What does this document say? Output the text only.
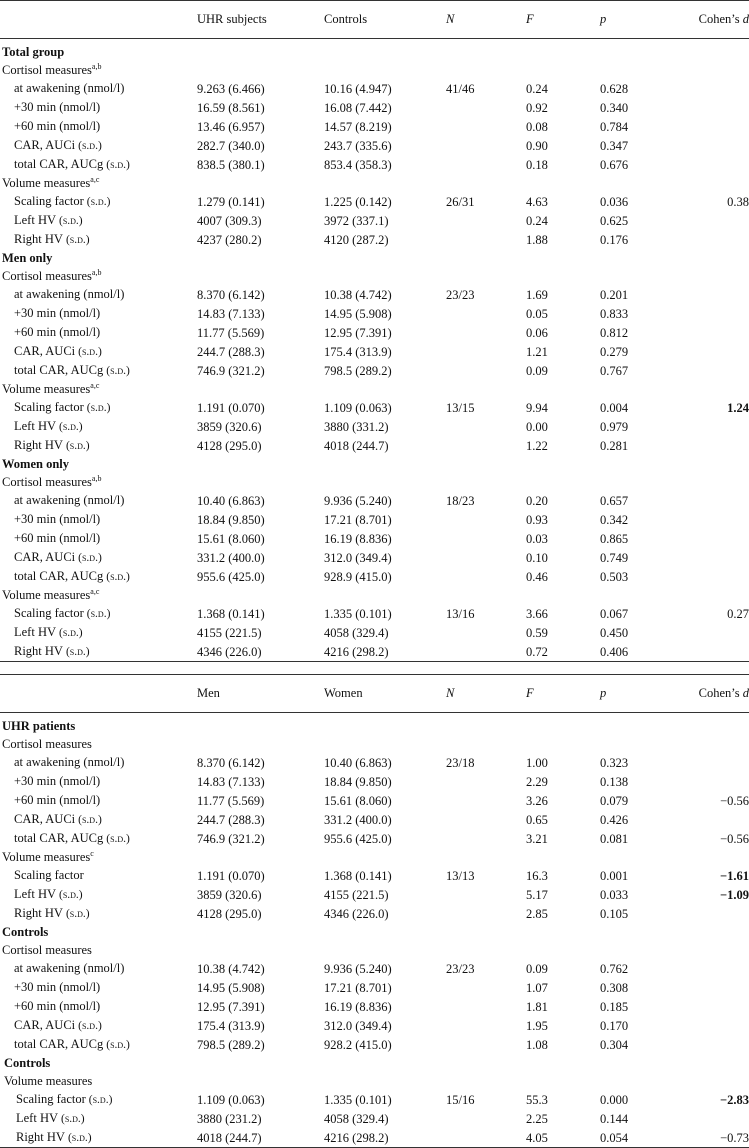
	UHR subjects	Controls	N	F	p	Cohen’s d

Total group						
Cortisol measures$^{a,b}$
at awakening (nmol/l)	9.263 (6.466)	10.16 (4.947)	41/46	0.24	0.628	
+30 min (nmol/l)	16.59 (8.561)	16.08 (7.442)		0.92	0.340	
+60 min (nmol/l)	13.46 (6.957)	14.57 (8.219)		0.08	0.784	
CAR, AUCi (s.d.)	282.7 (340.0)	243.7 (335.6)		0.90	0.347	
total CAR, AUCg (s.d.)	838.5 (380.1)	853.4 (358.3)		0.18	0.676	
Volume measures$^{a,c}$
Scaling factor (s.d.)	1.279 (0.141)	1.225 (0.142)	26/31	4.63	0.036	0.38
Left HV (s.d.)	4007 (309.3)	3972 (337.1)		0.24	0.625	
Right HV (s.d.)	4237 (280.2)	4120 (287.2)		1.88	0.176	
Men only						
Cortisol measures$^{a,b}$
at awakening (nmol/l)	8.370 (6.142)	10.38 (4.742)	23/23	1.69	0.201	
+30 min (nmol/l)	14.83 (7.133)	14.95 (5.908)		0.05	0.833	
+60 min (nmol/l)	11.77 (5.569)	12.95 (7.391)		0.06	0.812	
CAR, AUCi (s.d.)	244.7 (288.3)	175.4 (313.9)		1.21	0.279	
total CAR, AUCg (s.d.)	746.9 (321.2)	798.5 (289.2)		0.09	0.767	
Volume measures$^{a,c}$
Scaling factor (s.d.)	1.191 (0.070)	1.109 (0.063)	13/15	9.94	0.004	1.24
Left HV (s.d.)	3859 (320.6)	3880 (331.2)		0.00	0.979	
Right HV (s.d.)	4128 (295.0)	4018 (244.7)		1.22	0.281	
Women only						
Cortisol measures$^{a,b}$
at awakening (nmol/l)	10.40 (6.863)	9.936 (5.240)	18/23	0.20	0.657	
+30 min (nmol/l)	18.84 (9.850)	17.21 (8.701)		0.93	0.342	
+60 min (nmol/l)	15.61 (8.060)	16.19 (8.836)		0.03	0.865	
CAR, AUCi (s.d.)	331.2 (400.0)	312.0 (349.4)		0.10	0.749	
total CAR, AUCg (s.d.)	955.6 (425.0)	928.9 (415.0)		0.46	0.503	
Volume measures$^{a,c}$
Scaling factor (s.d.)	1.368 (0.141)	1.335 (0.101)	13/16	3.66	0.067	0.27
Left HV (s.d.)	4155 (221.5)	4058 (329.4)		0.59	0.450	
Right HV (s.d.)	4346 (226.0)	4216 (298.2)		0.72	0.406	

	Men	Women	N	F	p	Cohen’s d

UHR patients						
Cortisol measures						
at awakening (nmol/l)	8.370 (6.142)	10.40 (6.863)	23/18	1.00	0.323	
+30 min (nmol/l)	14.83 (7.133)	18.84 (9.850)		2.29	0.138	
+60 min (nmol/l)	11.77 (5.569)	15.61 (8.060)		3.26	0.079	−0.56
CAR, AUCi (s.d.)	244.7 (288.3)	331.2 (400.0)		0.65	0.426	
total CAR, AUCg (s.d.)	746.9 (321.2)	955.6 (425.0)		3.21	0.081	−0.56
Volume measures$^c$
Scaling factor	1.191 (0.070)	1.368 (0.141)	13/13	16.3	0.001	−1.61
Left HV (s.d.)	3859 (320.6)	4155 (221.5)		5.17	0.033	−1.09
Right HV (s.d.)	4128 (295.0)	4346 (226.0)		2.85	0.105	
Controls						
Cortisol measures						
at awakening (nmol/l)	10.38 (4.742)	9.936 (5.240)	23/23	0.09	0.762	
+30 min (nmol/l)	14.95 (5.908)	17.21 (8.701)		1.07	0.308	
+60 min (nmol/l)	12.95 (7.391)	16.19 (8.836)		1.81	0.185	
CAR, AUCi (s.d.)	175.4 (313.9)	312.0 (349.4)		1.95	0.170	
total CAR, AUCg (s.d.)	798.5 (289.2)	928.2 (415.0)		1.08	0.304	
Controls						
Volume measures						
Scaling factor (s.d.)	1.109 (0.063)	1.335 (0.101)	15/16	55.3	0.000	−2.83
Left HV (s.d.)	3880 (231.2)	4058 (329.4)		2.25	0.144	
Right HV (s.d.)	4018 (244.7)	4216 (298.2)		4.05	0.054	−0.73
